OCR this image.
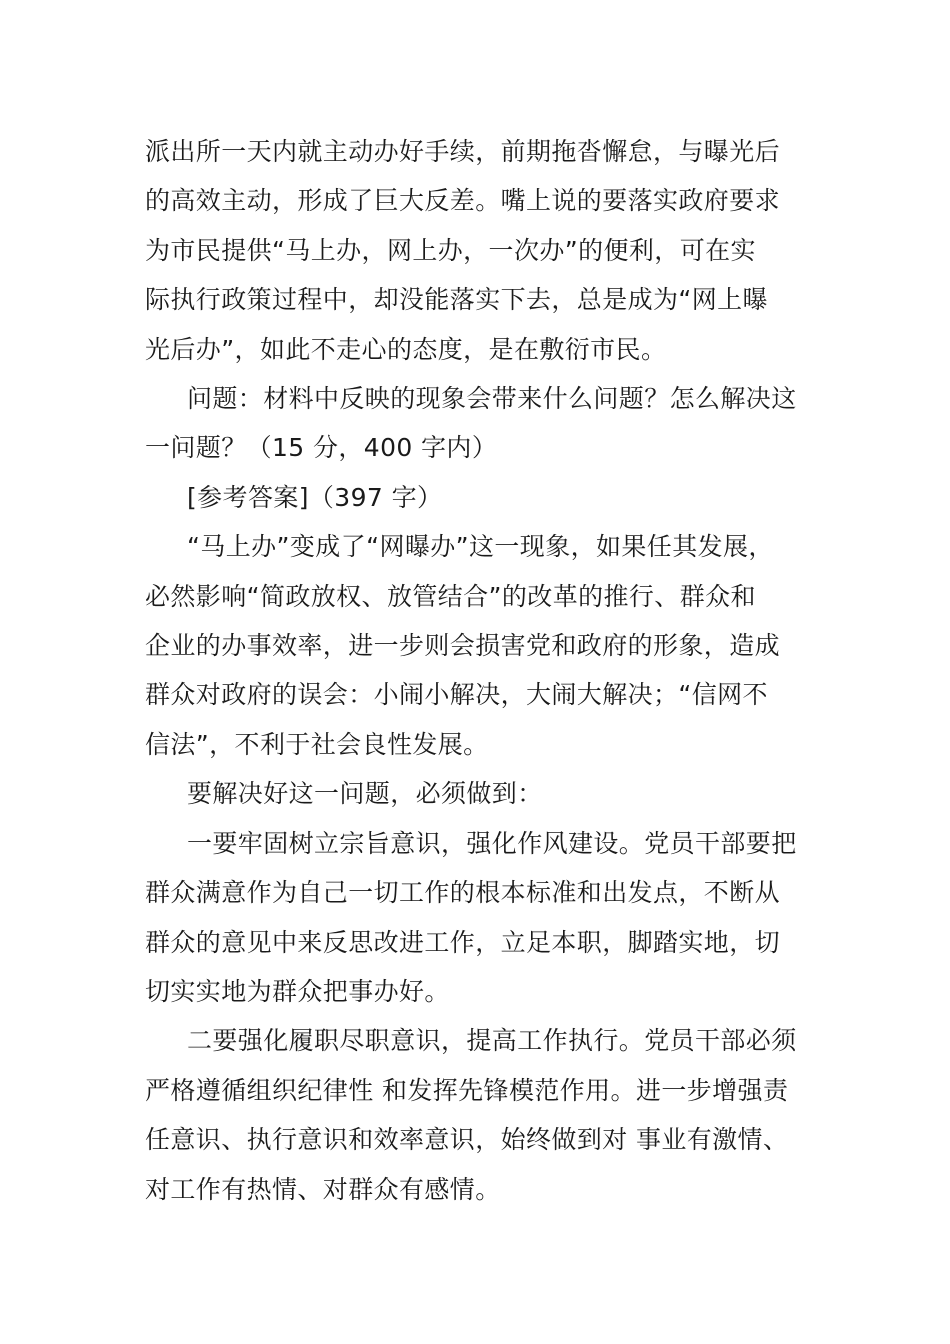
派出所一天内就主动办好手续，前期拖沓懈怠，与曝光后
的高效主动，形成了巨大反差。嘴上说的要落实政府要求
为市民提供“马上办，网上办，一次办”的便利，可在实
际执行政策过程中，却没能落实下去，总是成为“网上曝
光后办”，如此不走心的态度，是在敷衍市民。

问题：材料中反映的现象会带来什么问题？怎么解决这
一问题？（15 分，400 字内）

[参考答案]（397 字）

“马上办”变成了“网曝办”这一现象，如果任其发展，
必然影响“简政放权、放管结合”的改革的推行、群众和
企业的办事效率，进一步则会损害党和政府的形象，造成
群众对政府的误会：小闹小解决，大闹大解决；“信网不
信法”，不利于社会良性发展。

要解决好这一问题，必须做到：

一要牢固树立宗旨意识，强化作风建设。党员干部要把
群众满意作为自己一切工作的根本标准和出发点，不断从
群众的意见中来反思改进工作，立足本职，脚踏实地，切
切实实地为群众把事办好。

二要强化履职尽职意识，提高工作执行。党员干部必须
严格遵循组织纪律性 和发挥先锋模范作用。进一步增强责
任意识、执行意识和效率意识，始终做到对 事业有激情、
对工作有热情、对群众有感情。
